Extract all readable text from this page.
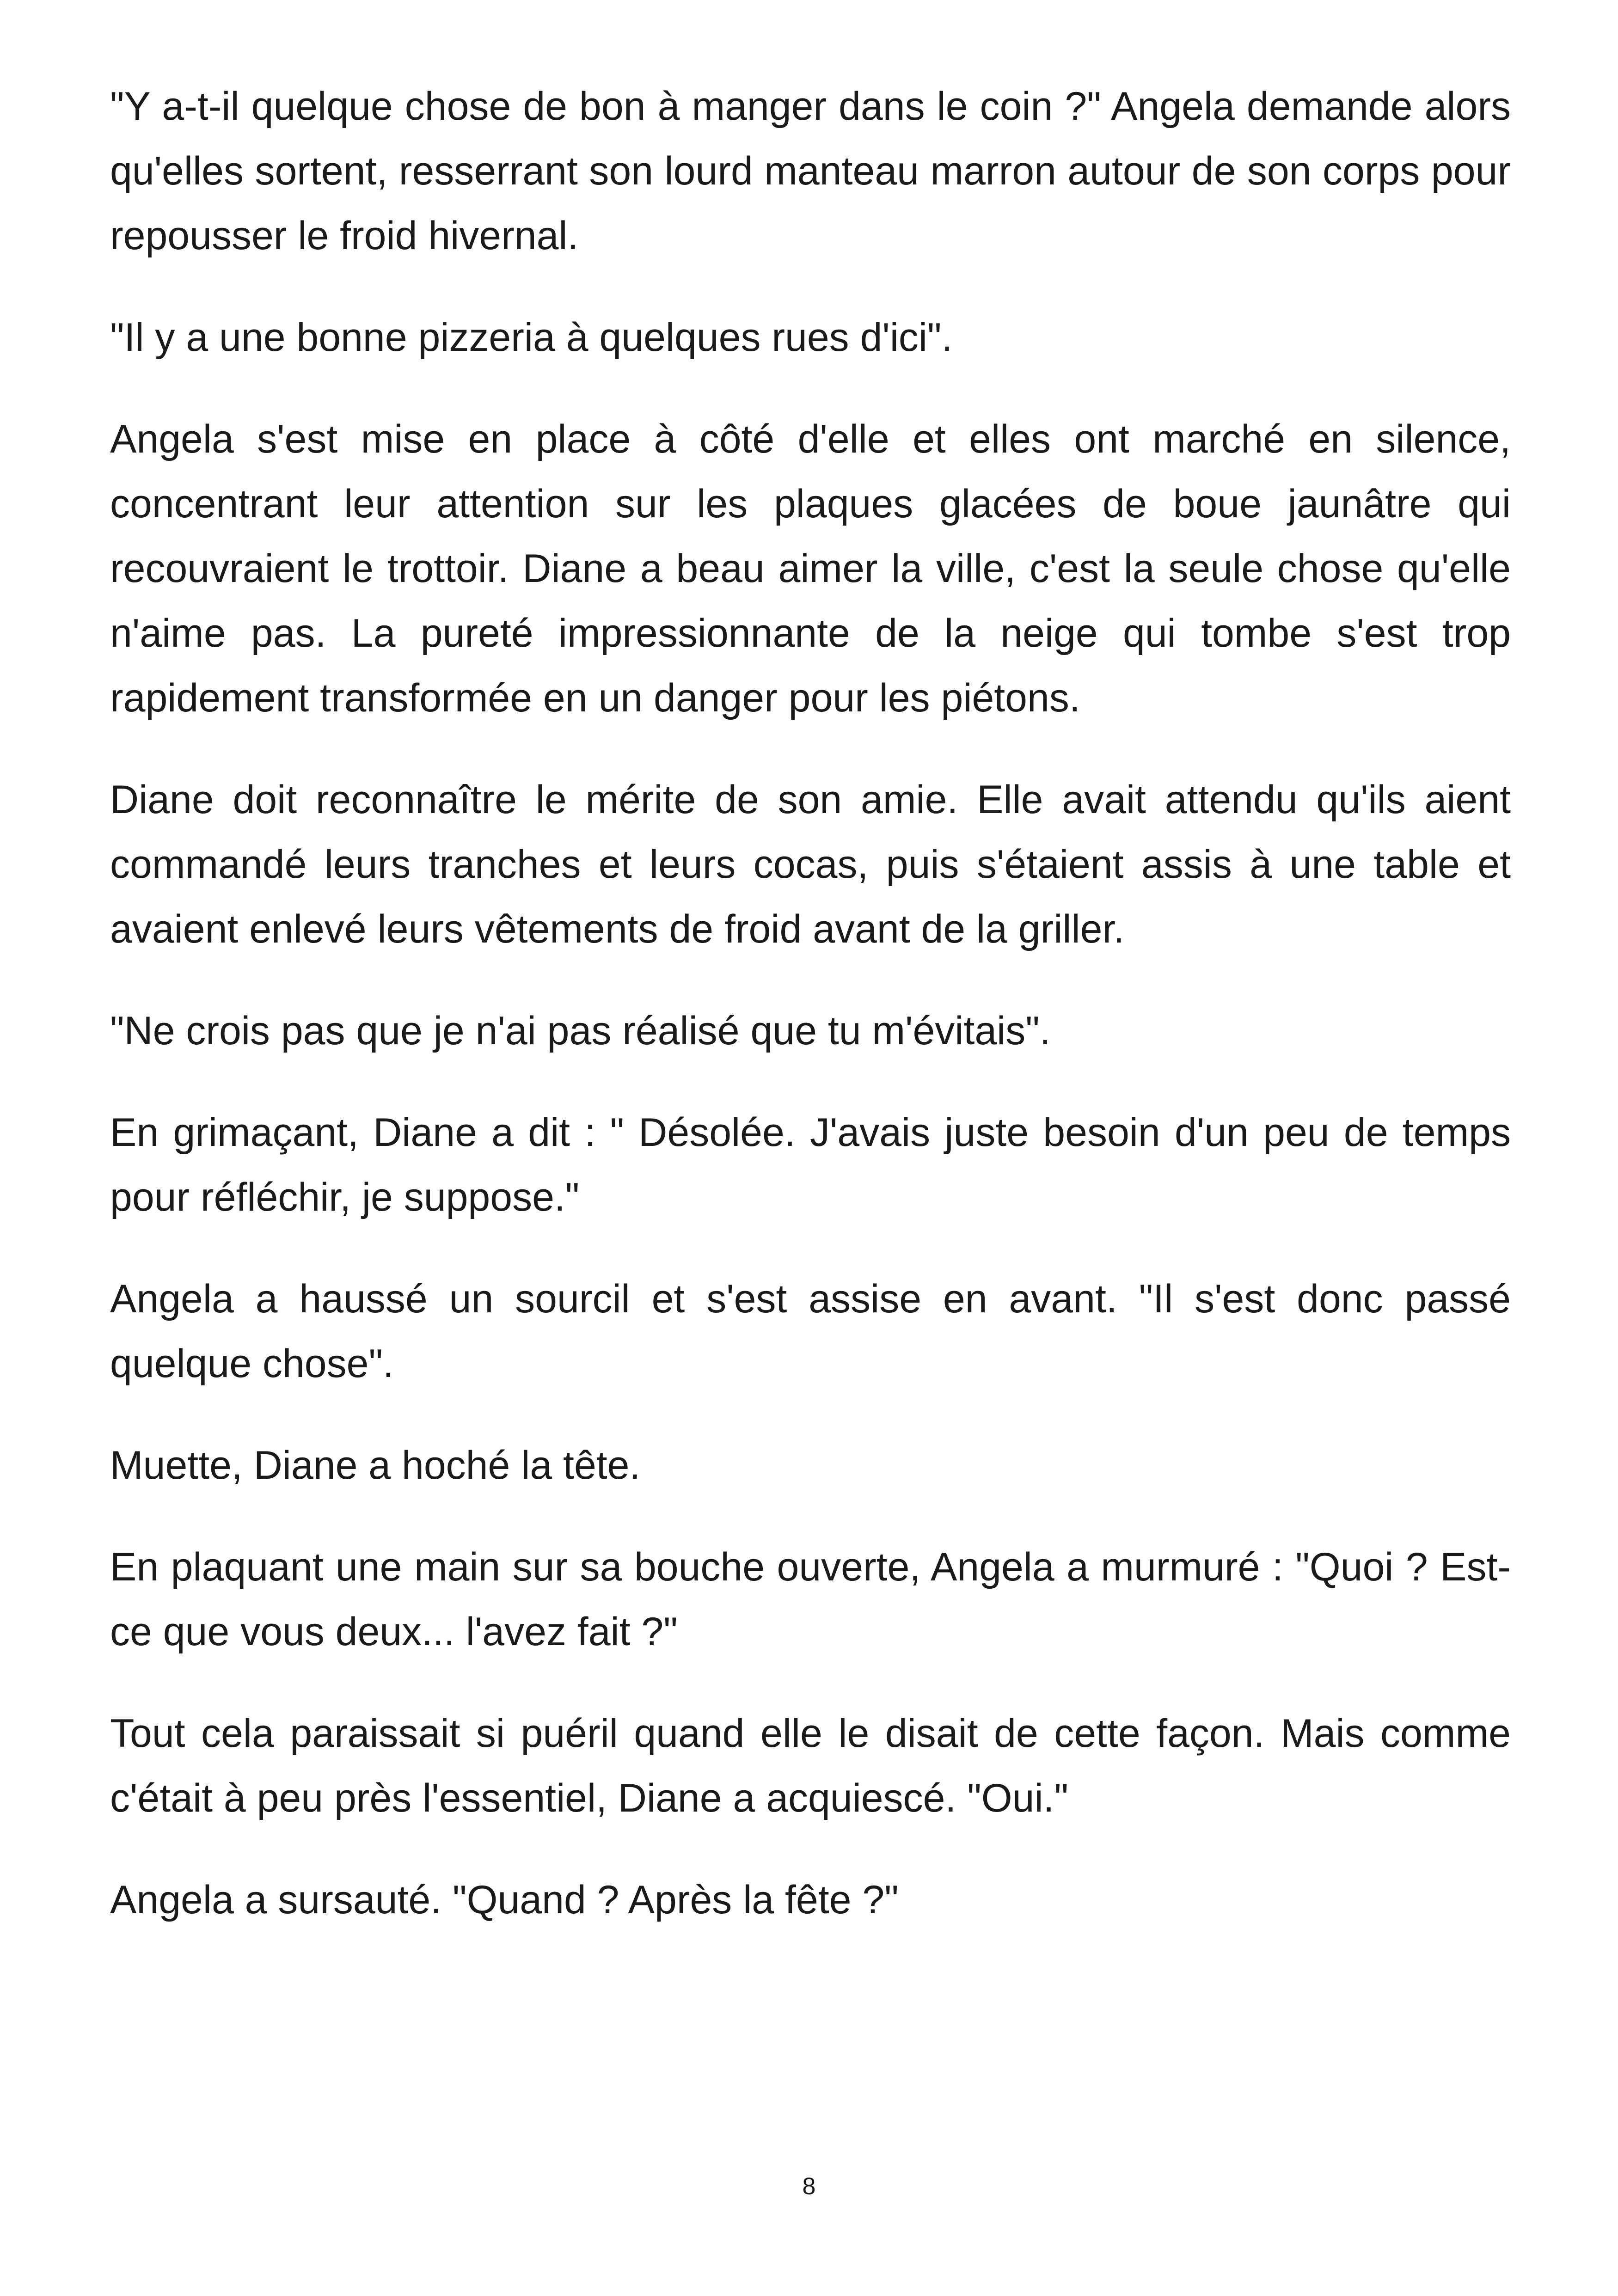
"Y a-t-il quelque chose de bon à manger dans le coin ?" Angela demande alors qu'elles sortent, resserrant son lourd manteau marron autour de son corps pour repousser le froid hivernal.

"Il y a une bonne pizzeria à quelques rues d'ici".

Angela s'est mise en place à côté d'elle et elles ont marché en silence, concentrant leur attention sur les plaques glacées de boue jaunâtre qui recouvraient le trottoir. Diane a beau aimer la ville, c'est la seule chose qu'elle n'aime pas. La pureté impressionnante de la neige qui tombe s'est trop rapidement transformée en un danger pour les piétons.

Diane doit reconnaître le mérite de son amie. Elle avait attendu qu'ils aient commandé leurs tranches et leurs cocas, puis s'étaient assis à une table et avaient enlevé leurs vêtements de froid avant de la griller.

"Ne crois pas que je n'ai pas réalisé que tu m'évitais".

En grimaçant, Diane a dit : " Désolée. J'avais juste besoin d'un peu de temps pour réfléchir, je suppose."

Angela a haussé un sourcil et s'est assise en avant. "Il s'est donc passé quelque chose".

Muette, Diane a hoché la tête.

En plaquant une main sur sa bouche ouverte, Angela a murmuré : "Quoi ? Est-ce que vous deux... l'avez fait ?"

Tout cela paraissait si puéril quand elle le disait de cette façon. Mais comme c'était à peu près l'essentiel, Diane a acquiescé. "Oui."

Angela a sursauté. "Quand ? Après la fête ?"

8
